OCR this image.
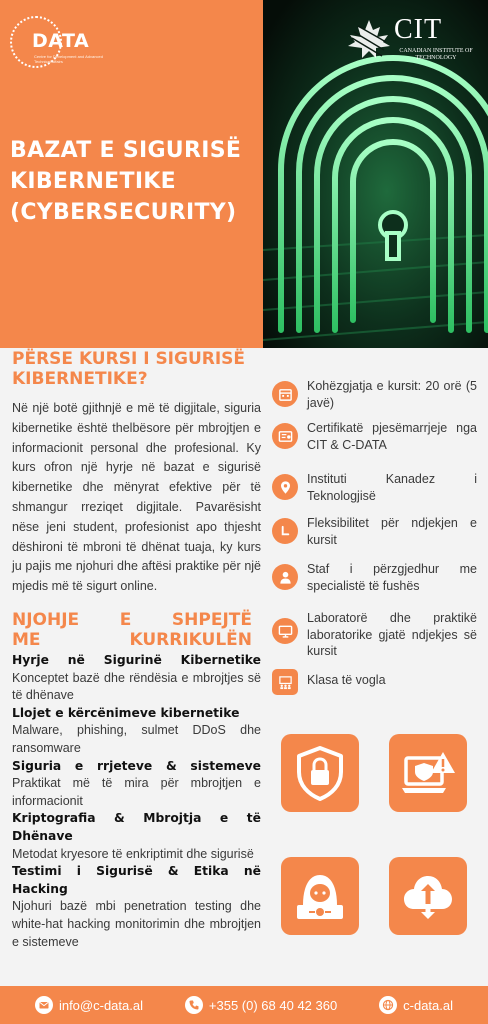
DATA
Centre for Development and Advanced Technical Affairs
BAZAT E SIGURISË
KIBERNETIKE
(CYBERSECURITY)
CIT
CANADIAN INSTITUTE OF TECHNOLOGY
PËRSE KURSI I SIGURISË
KIBERNETIKE?

Në një botë gjithnjë e më të digjitale, siguria kibernetike është thelbësore për mbrojtjen e informacionit personal dhe profesional. Ky kurs ofron një hyrje në bazat e sigurisë kibernetike dhe mënyrat efektive për të shmangur rreziqet digjitale. Pavarësisht nëse jeni student, profesionist apo thjesht dëshironi të mbroni të dhënat tuaja, ky kurs ju pajis me njohuri dhe aftësi praktike për një mjedis më të sigurt online.

NJOHJE E SHPEJTË
ME KURRIKULËN
Hyrje në Sigurinë Kibernetike

Konceptet bazë dhe rëndësia e mbrojtjes së të dhënave

Llojet e kërcënimeve kibernetike

Malware, phishing, sulmet DDoS dhe ransomware

Siguria e rrjeteve & sistemeve

Praktikat më të mira për mbrojtjen e informacionit

Kriptografia & Mbrojtja e të Dhënave

Metodat kryesore të enkriptimit dhe sigurisë

Testimi i Sigurisë & Etika në Hacking

Njohuri bazë mbi penetration testing dhe white-hat hacking monitorimin dhe mbrojtjen e sistemeve

Kohëzgjatja e kursit: 20 orë (5 javë)
Certifikatë pjesëmarrjeje nga CIT & C-DATA
Instituti Kanadez i Teknologjisë
Fleksibilitet për ndjekjen e kursit
Staf i përzgjedhur me specialistë të fushës
Laboratorë dhe praktikë laboratorike gjatë ndjekjes së kursit
Klasa të vogla
info@c-data.al	+355 (0) 68 40 42 360	c-data.al
